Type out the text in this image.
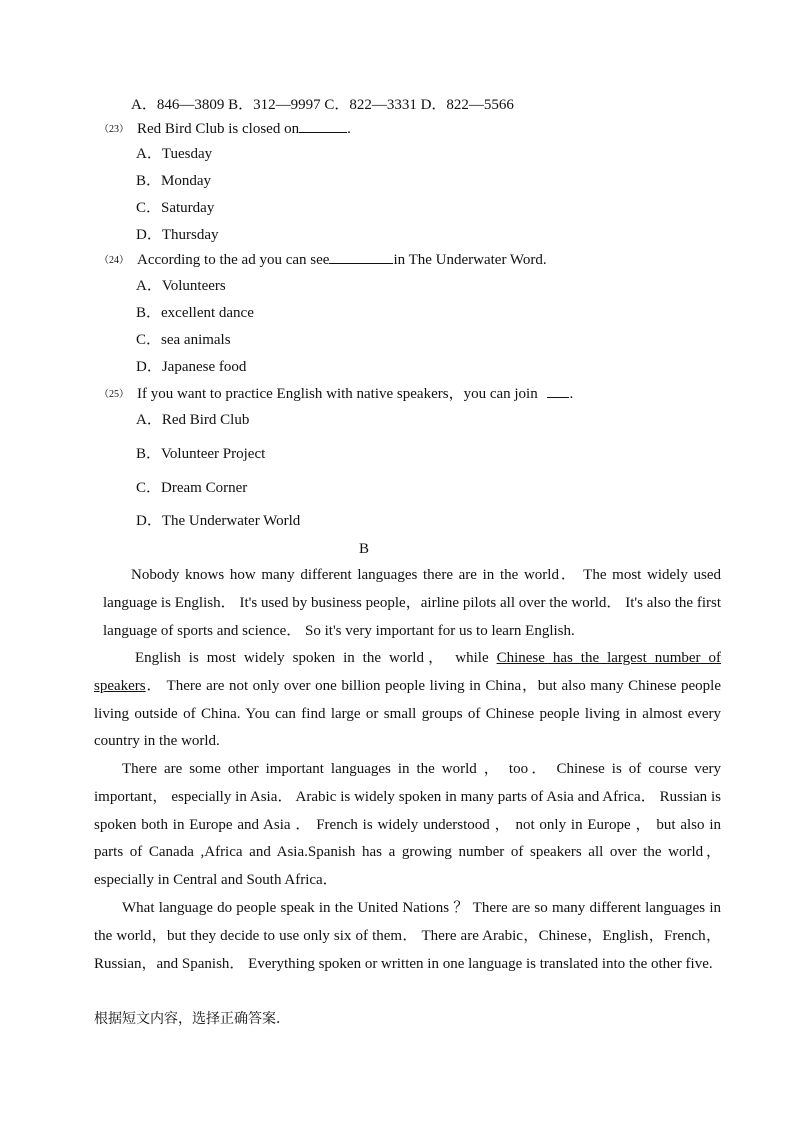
A．846—3809 B．312—9997 C．822—3331 D．822—5566
（23） Red Bird Club is closed on	.
A．Tuesday
B．Monday
C．Saturday
D．Thursday
（24） According to the ad you can see	in The Underwater Word.
A．Volunteers
B．excellent dance
C．sea animals
D．Japanese food
（25） If you want to practice English with native speakers，you can join .
A．Red Bird Club
B．Volunteer Project
C．Dream Corner
D．The Underwater World
B

Nobody knows how many different languages there are in the world． The most widely used language is English． It's used by business people，airline pilots all over the world． It's also the first language of sports and science． So it's very important for us to learn English.

English is most widely spoken in the world， while Chinese has the largest number of speakers． There are not only over one billion people living in China，but also many Chinese people living outside of China. You can find large or small groups of Chinese people living in almost every country in the world.

There are some other important languages in the world ， too． Chinese is of course very important， especially in Asia． Arabic is widely spoken in many parts of Asia and Africa． Russian is spoken both in Europe and Asia ． French is widely understood ， not only in Europe ， but also in parts of Canada ,Africa and Asia.Spanish has a growing number of speakers all over the world，especially in Central and South Africa．

What language do people speak in the United Nations ？ There are so many different languages in the world，but they decide to use only six of them． There are Arabic，Chinese，English，French，Russian，and Spanish． Everything spoken or written in one language is translated into the other five.

根据短文内容，选择正确答案．
